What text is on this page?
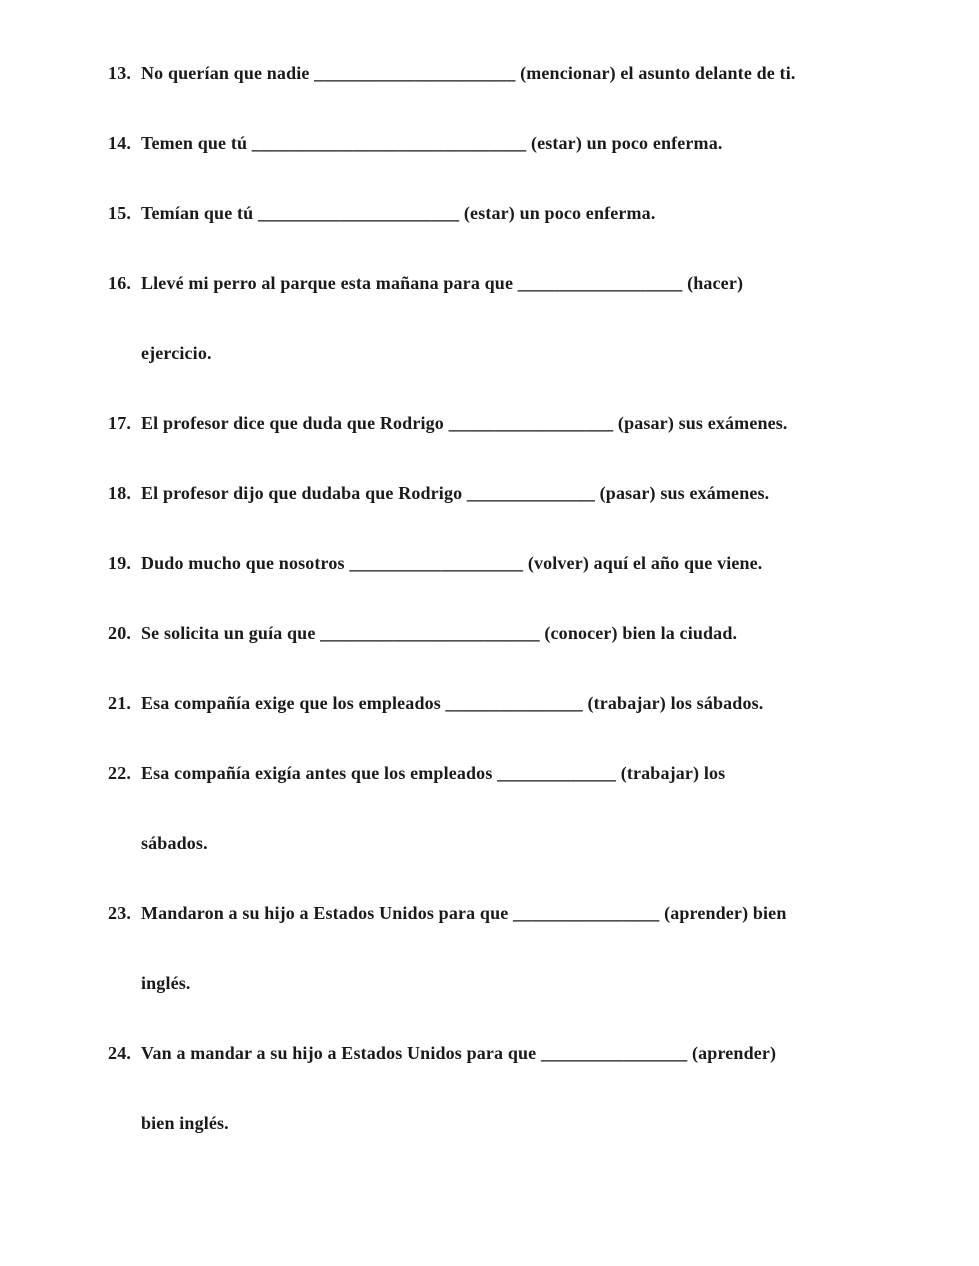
13. No querían que nadie ______________________ (mencionar) el asunto delante de ti.
14. Temen que tú ______________________________ (estar) un poco enferma.
15. Temían que tú ______________________ (estar) un poco enferma.
16. Llevé mi perro al parque esta mañana para que __________________ (hacer)
ejercicio.
17. El profesor dice que duda que Rodrigo __________________ (pasar) sus exámenes.
18. El profesor dijo que dudaba que Rodrigo ______________ (pasar) sus exámenes.
19. Dudo mucho que nosotros ___________________ (volver) aquí el año que viene.
20. Se solicita un guía que ________________________ (conocer) bien la ciudad.
21. Esa compañía exige que los empleados _______________ (trabajar) los sábados.
22. Esa compañía exigía antes que los empleados _____________ (trabajar) los
sábados.
23. Mandaron a su hijo a Estados Unidos para que ________________ (aprender) bien
inglés.
24. Van a mandar a su hijo a Estados Unidos para que ________________ (aprender)
bien inglés.
